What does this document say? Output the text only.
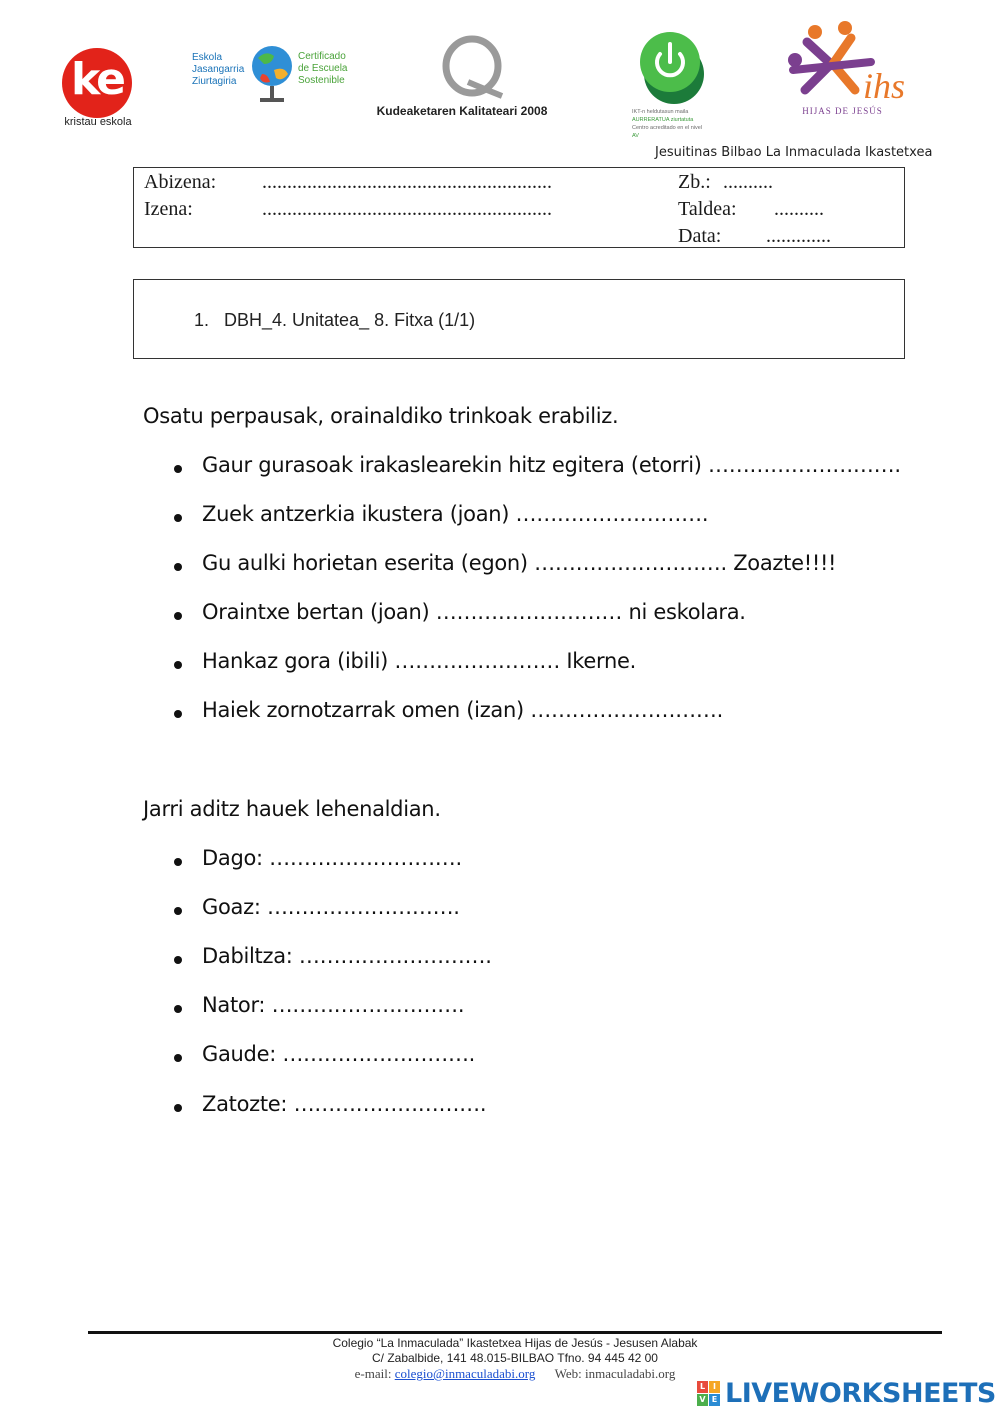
ke
kristau eskola
Eskola
Jasangarria
Ziurtagiria
Certificado
de Escuela
Sostenible
Kudeaketaren Kalitateari 2008	IKT-n heldutasun maila
AURRERATUA ziurtatuta
Centro acreditado en el nivel
AV
ihs
HIJAS DE JESÚS
Jesuitinas Bilbao La Inmaculada Ikastetxea
Abizena: ..........................................................
Izena:	..........................................................
Zb.: ..........
Taldea: ..........
Data: .............
1. DBH_4. Unitatea_ 8. Fitxa (1/1)
Osatu perpausak, orainaldiko trinkoak erabiliz.
Gaur gurasoak irakaslearekin hitz egitera (etorri) ……………………….
Zuek antzerkia ikustera (joan) ……………………….
Gu aulki horietan eserita (egon) ………………………. Zoazte!!!!
Oraintxe bertan (joan) ……………………… ni eskolara.
Hankaz gora (ibili) …………………… Ikerne.
Haiek zornotzarrak omen (izan) ……………………….
Jarri aditz hauek lehenaldian.
Dago: ……………………….
Goaz: ……………………….
Dabiltza: ……………………….
Nator: ……………………….
Gaude: ……………………….
Zatozte: ……………………….
Colegio “La Inmaculada” Ikastetxea Hijas de Jesús - Jesusen Alabak
C/ Zabalbide, 141 48.015-BILBAO Tfno. 94 445 42 00
e-mail: colegio@inmaculadabi.org Web: inmaculadabi.org
L I
V E LIVEWORKSHEETS
